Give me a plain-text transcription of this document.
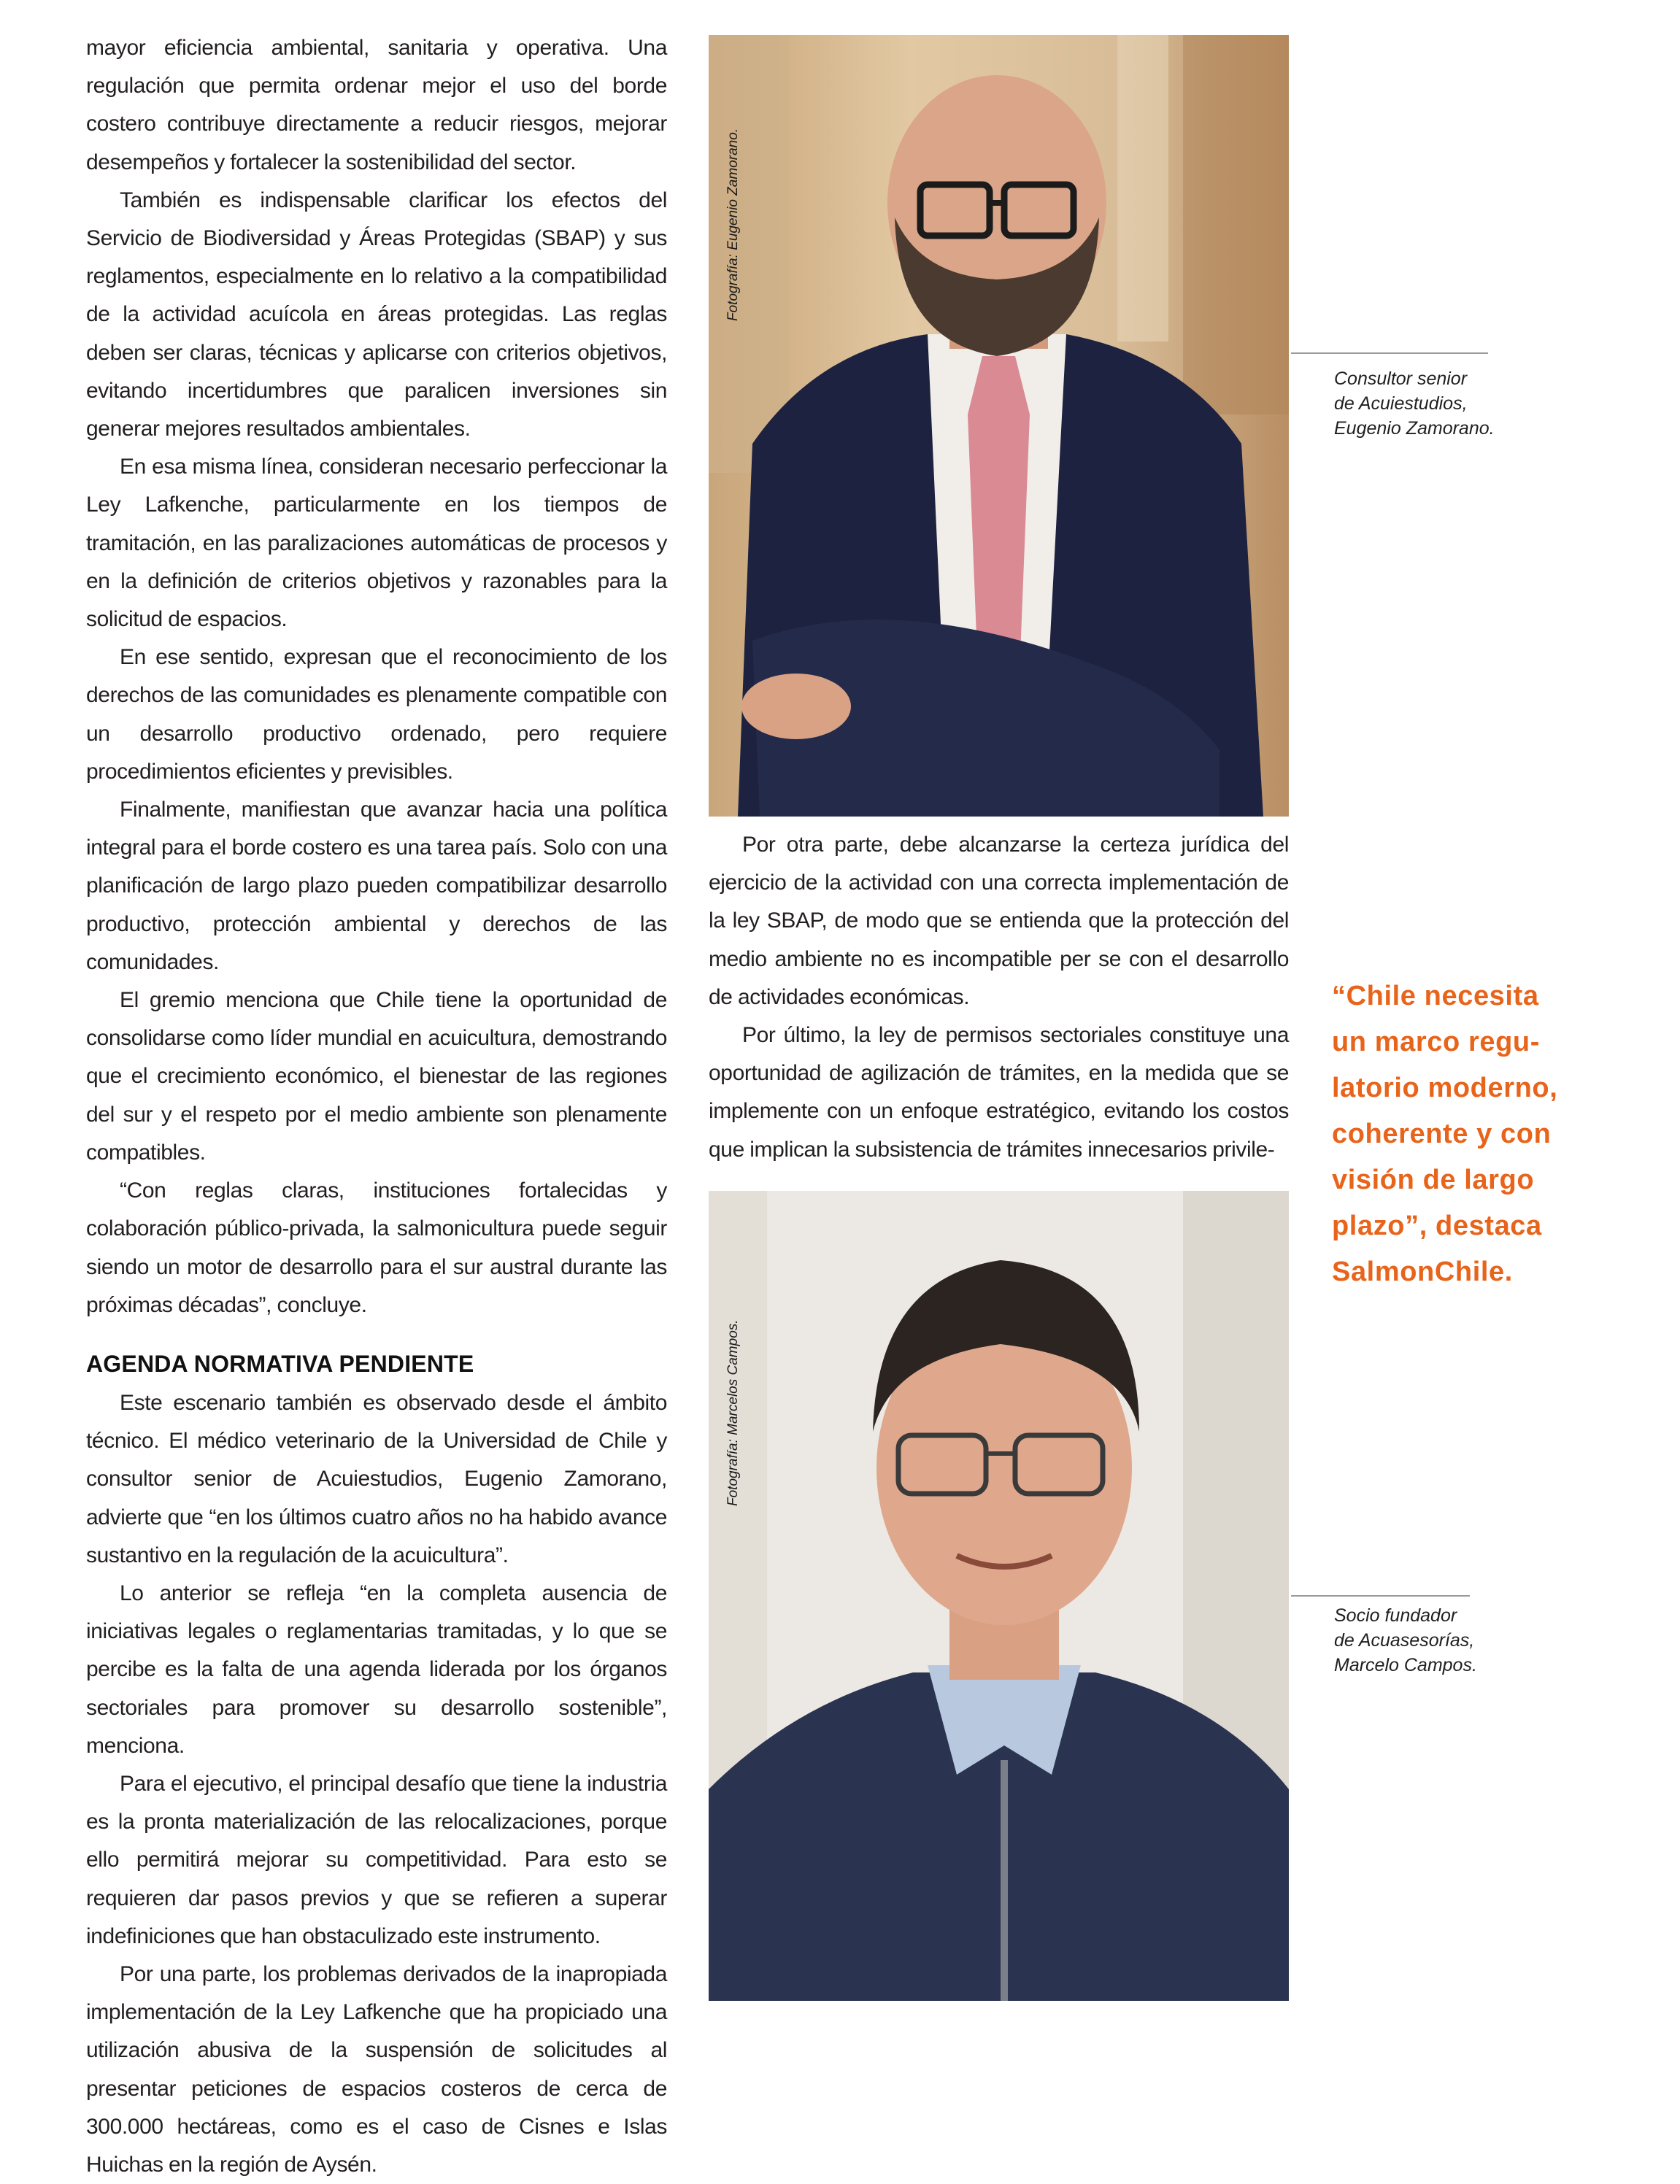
mayor eficiencia ambiental, sanitaria y operativa. Una regulación que permita ordenar mejor el uso del borde costero contribuye directamente a reducir riesgos, mejorar desempeños y fortalecer la sostenibilidad del sector.

También es indispensable clarificar los efectos del Servicio de Biodiversidad y Áreas Protegidas (SBAP) y sus reglamentos, especialmente en lo relativo a la compatibilidad de la actividad acuícola en áreas protegidas. Las reglas deben ser claras, técnicas y aplicarse con criterios objetivos, evitando incertidumbres que paralicen inversiones sin generar mejores resultados ambientales.

En esa misma línea, consideran necesario perfeccionar la Ley Lafkenche, particularmente en los tiempos de tramitación, en las paralizaciones automáticas de procesos y en la definición de criterios objetivos y razonables para la solicitud de espacios.

En ese sentido, expresan que el reconocimiento de los derechos de las comunidades es plenamente compatible con un desarrollo productivo ordenado, pero requiere procedimientos eficientes y previsibles.

Finalmente, manifiestan que avanzar hacia una política integral para el borde costero es una tarea país. Solo con una planificación de largo plazo pueden compatibilizar desarrollo productivo, protección ambiental y derechos de las comunidades.

El gremio menciona que Chile tiene la oportunidad de consolidarse como líder mundial en acuicultura, demostrando que el crecimiento económico, el bienestar de las regiones del sur y el respeto por el medio ambiente son plenamente compatibles.

“Con reglas claras, instituciones fortalecidas y colaboración público-privada, la salmonicultura puede seguir siendo un motor de desarrollo para el sur austral durante las próximas décadas”, concluye.

AGENDA NORMATIVA PENDIENTE

Este escenario también es observado desde el ámbito técnico. El médico veterinario de la Universidad de Chile y consultor senior de Acuiestudios, Eugenio Zamorano, advierte que “en los últimos cuatro años no ha habido avance sustantivo en la regulación de la acuicultura”.

Lo anterior se refleja “en la completa ausencia de iniciativas legales o reglamentarias tramitadas, y lo que se percibe es la falta de una agenda liderada por los órganos sectoriales para promover su desarrollo sostenible”, menciona.

Para el ejecutivo, el principal desafío que tiene la industria es la pronta materialización de las relocalizaciones, porque ello permitirá mejorar su competitividad. Para esto se requieren dar pasos previos y que se refieren a superar indefiniciones que han obstaculizado este instrumento.

Por una parte, los problemas derivados de la inapropiada implementación de la Ley Lafkenche que ha propiciado una utilización abusiva de la suspensión de solicitudes al presentar peticiones de espacios costeros de cerca de 300.000 hectáreas, como es el caso de Cisnes e Islas Huichas en la región de Aysén.

Fotografía: Eugenio Zamorano.
Consultor senior
de Acuiestudios,
Eugenio Zamorano.

Por otra parte, debe alcanzarse la certeza jurídica del ejercicio de la actividad con una correcta implementación de la ley SBAP, de modo que se entienda que la protección del medio ambiente no es incompatible per se con el desarrollo de actividades económicas.

Por último, la ley de permisos sectoriales constituye una oportunidad de agilización de trámites, en la medida que se implemente con un enfoque estratégico, evitando los costos que implican la subsistencia de trámites innecesarios privile-

“Chile necesita
un marco regu-
latorio moderno,
coherente y con
visión de largo
plazo”, destaca
SalmonChile.
Fotografía: Marcelos Campos.
Socio fundador
de Acuasesorías,
Marcelo Campos.
